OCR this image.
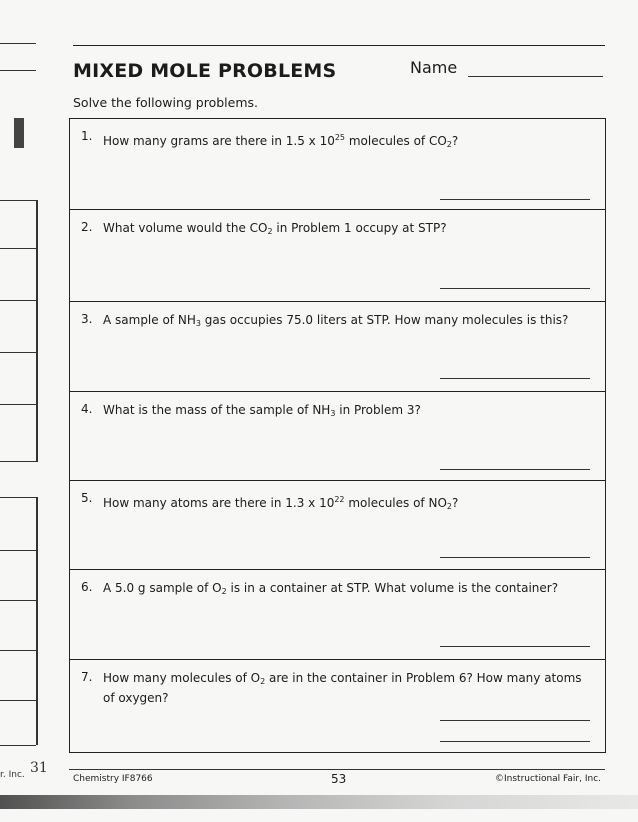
MIXED MOLE PROBLEMS	Name
Solve the following problems.
1. How many grams are there in 1.5 x $10^{25}$ molecules of $CO_2$?
2. What volume would the $CO_2$ in Problem 1 occupy at STP?
3. A sample of $NH_3$ gas occupies 75.0 liters at STP. How many molecules is this?
4. What is the mass of the sample of $NH_3$ in Problem 3?
5. How many atoms are there in 1.3 x $10^{22}$ molecules of $NO_2$?
6. A 5.0 g sample of $O_2$ is in a container at STP. What volume is the container?
7. How many molecules of $O_2$ are in the container in Problem 6? How many atoms of oxygen?
Chemistry IF8766	53	©Instructional Fair, Inc.
r. Inc. 31
